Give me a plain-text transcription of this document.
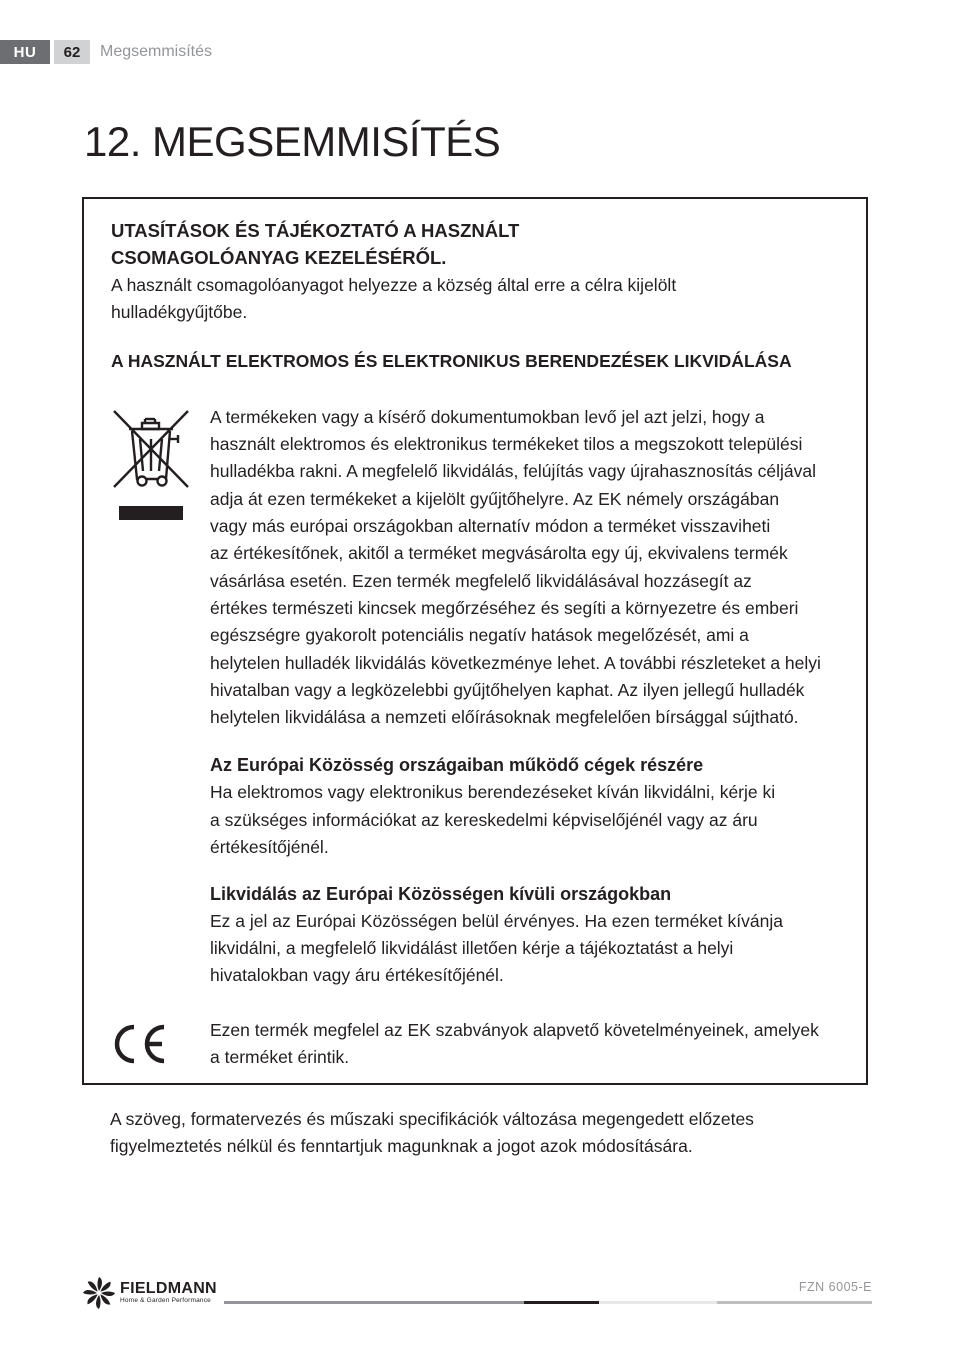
HU	62	Megsemmisítés
12. MEGSEMMISÍTÉS

UTASÍTÁSOK ÉS TÁJÉKOZTATÓ A HASZNÁLT

CSOMAGOLÓANYAG KEZELÉSÉRŐL.

A használt csomagolóanyagot helyezze a község által erre a célra kijelölt

hulladékgyűjtőbe.

A HASZNÁLT ELEKTROMOS ÉS ELEKTRONIKUS BERENDEZÉSEK LIKVIDÁLÁSA

A termékeken vagy a kísérő dokumentumokban levő jel azt jelzi, hogy a

használt elektromos és elektronikus termékeket tilos a megszokott települési

hulladékba rakni. A megfelelő likvidálás, felújítás vagy újrahasznosítás céljával

adja át ezen termékeket a kijelölt gyűjtőhelyre. Az EK némely országában

vagy más európai országokban alternatív módon a terméket visszaviheti

az értékesítőnek, akitől a terméket megvásárolta egy új, ekvivalens termék

vásárlása esetén. Ezen termék megfelelő likvidálásával hozzásegít az

értékes természeti kincsek megőrzéséhez és segíti a környezetre és emberi

egészségre gyakorolt potenciális negatív hatások megelőzését, ami a

helytelen hulladék likvidálás következménye lehet. A további részleteket a helyi

hivatalban vagy a legközelebbi gyűjtőhelyen kaphat. Az ilyen jellegű hulladék

helytelen likvidálása a nemzeti előírásoknak megfelelően bírsággal sújtható.

Az Európai Közösség országaiban működő cégek részére

Ha elektromos vagy elektronikus berendezéseket kíván likvidálni, kérje ki

a szükséges információkat az kereskedelmi képviselőjénél vagy az áru

értékesítőjénél.

Likvidálás az Európai Közösségen kívüli országokban

Ez a jel az Európai Közösségen belül érvényes. Ha ezen terméket kívánja

likvidálni, a megfelelő likvidálást illetően kérje a tájékoztatást a helyi

hivatalokban vagy áru értékesítőjénél.

Ezen termék megfelel az EK szabványok alapvető követelményeinek, amelyek

a terméket érintik.

A szöveg, formatervezés és műszaki specifikációk változása megengedett előzetes

figyelmeztetés nélkül és fenntartjuk magunknak a jogot azok módosítására.

FIELDMANN
Home & Garden Performance
FZN 6005-E
